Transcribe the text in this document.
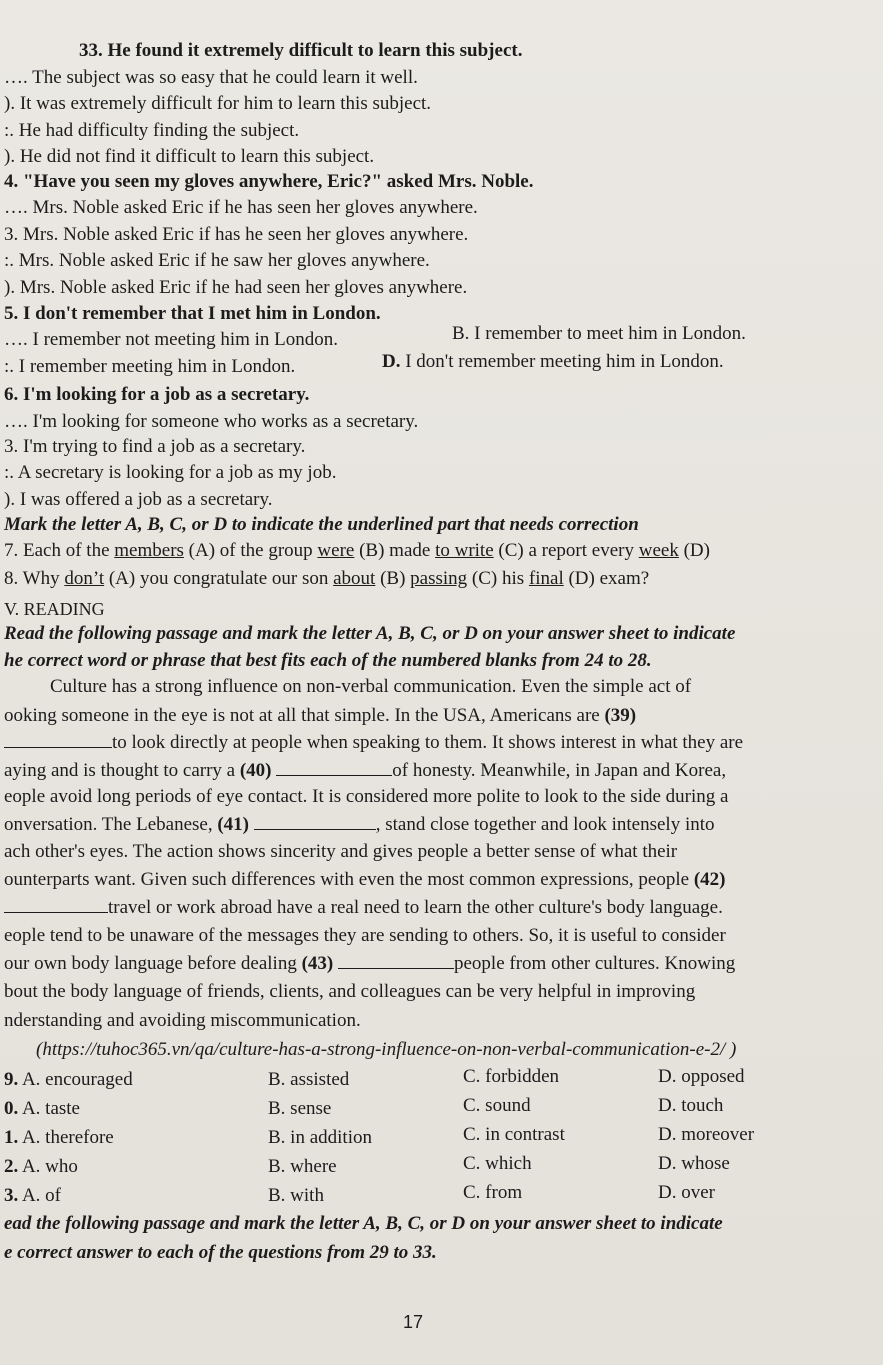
33. He found it extremely difficult to learn this subject.
…. The subject was so easy that he could learn it well.
). It was extremely difficult for him to learn this subject.
:. He had difficulty finding the subject.
). He did not find it difficult to learn this subject.
4. "Have you seen my gloves anywhere, Eric?" asked Mrs. Noble.
…. Mrs. Noble asked Eric if he has seen her gloves anywhere.
3. Mrs. Noble asked Eric if has he seen her gloves anywhere.
:. Mrs. Noble asked Eric if he saw her gloves anywhere.
). Mrs. Noble asked Eric if he had seen her gloves anywhere.
5. I don't remember that I met him in London.
…. I remember not meeting him in London.	B. I remember to meet him in London.
:. I remember meeting him in London.	D. I don't remember meeting him in London.
6. I'm looking for a job as a secretary.
…. I'm looking for someone who works as a secretary.
3. I'm trying to find a job as a secretary.
:. A secretary is looking for a job as my job.
). I was offered a job as a secretary.
Mark the letter A, B, C, or D to indicate the underlined part that needs correction
7. Each of the members (A) of the group were (B) made to write (C) a report every week (D)
8. Why don’t (A) you congratulate our son about (B) passing (C) his final (D) exam?
V. READING
Read the following passage and mark the letter A, B, C, or D on your answer sheet to indicate
he correct word or phrase that best fits each of the numbered blanks from 24 to 28.
Culture has a strong influence on non-verbal communication. Even the simple act of
ooking someone in the eye is not at all that simple. In the USA, Americans are (39)
to look directly at people when speaking to them. It shows interest in what they are
aying and is thought to carry a (40)	of honesty. Meanwhile, in Japan and Korea,
eople avoid long periods of eye contact. It is considered more polite to look to the side during a
onversation. The Lebanese, (41)	, stand close together and look intensely into
ach other's eyes. The action shows sincerity and gives people a better sense of what their
ounterparts want. Given such differences with even the most common expressions, people (42)
travel or work abroad have a real need to learn the other culture's body language.
eople tend to be unaware of the messages they are sending to others. So, it is useful to consider
our own body language before dealing (43)	people from other cultures. Knowing
bout the body language of friends, clients, and colleagues can be very helpful in improving
nderstanding and avoiding miscommunication.
(https://tuhoc365.vn/qa/culture-has-a-strong-influence-on-non-verbal-communication-e-2/ )
9. A. encouraged	B. assisted	C. forbidden	D. opposed
0. A. taste	B. sense	C. sound	D. touch
1. A. therefore	B. in addition	C. in contrast	D. moreover
2. A. who	B. where	C. which	D. whose
3. A. of	B. with	C. from	D. over
ead the following passage and mark the letter A, B, C, or D on your answer sheet to indicate
e correct answer to each of the questions from 29 to 33.
17
